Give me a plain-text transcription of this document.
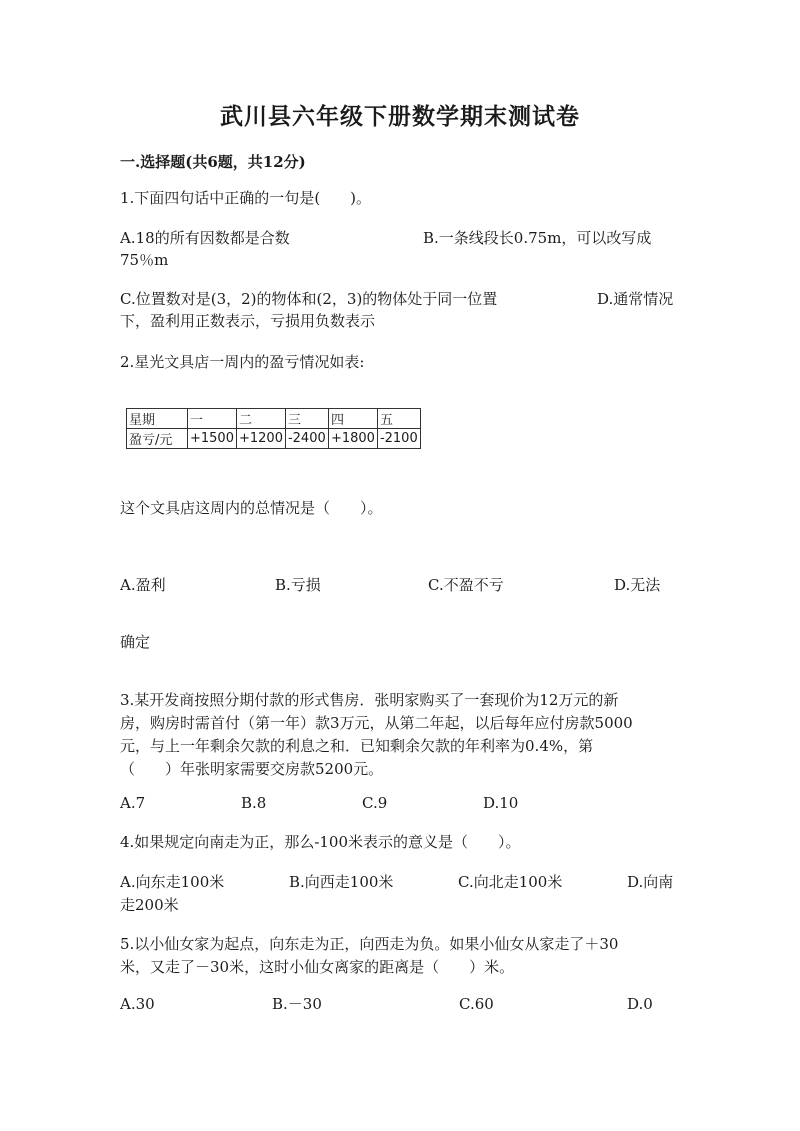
武川县六年级下册数学期末测试卷
一.选择题(共6题，共12分)
1.下面四句话中正确的一句是(　　)。
A.18的所有因数都是合数	B.一条线段长0.75m，可以改写成
75％m
C.位置数对是(3，2)的物体和(2，3)的物体处于同一位置	D.通常情况
下，盈利用正数表示，亏损用负数表示
2.星光文具店一周内的盈亏情况如表:
星期	一	二	三	四	五
盈亏/元	+1500	+1200	-2400	+1800	-2100
这个文具店这周内的总情况是（　　）。
A.盈利	B.亏损	C.不盈不亏	D.无法
确定
3.某开发商按照分期付款的形式售房．张明家购买了一套现价为12万元的新
房，购房时需首付（第一年）款3万元，从第二年起，以后每年应付房款5000
元，与上一年剩余欠款的利息之和．已知剩余欠款的年利率为0.4%，第
（　　）年张明家需要交房款5200元。
A.7	B.8	C.9	D.10
4.如果规定向南走为正，那么-100米表示的意义是（　　）。
A.向东走100米	B.向西走100米	C.向北走100米	D.向南
走200米
5.以小仙女家为起点，向东走为正，向西走为负。如果小仙女从家走了＋30
米，又走了－30米，这时小仙女离家的距离是（　　）米。
A.30	B.－30	C.60	D.0
